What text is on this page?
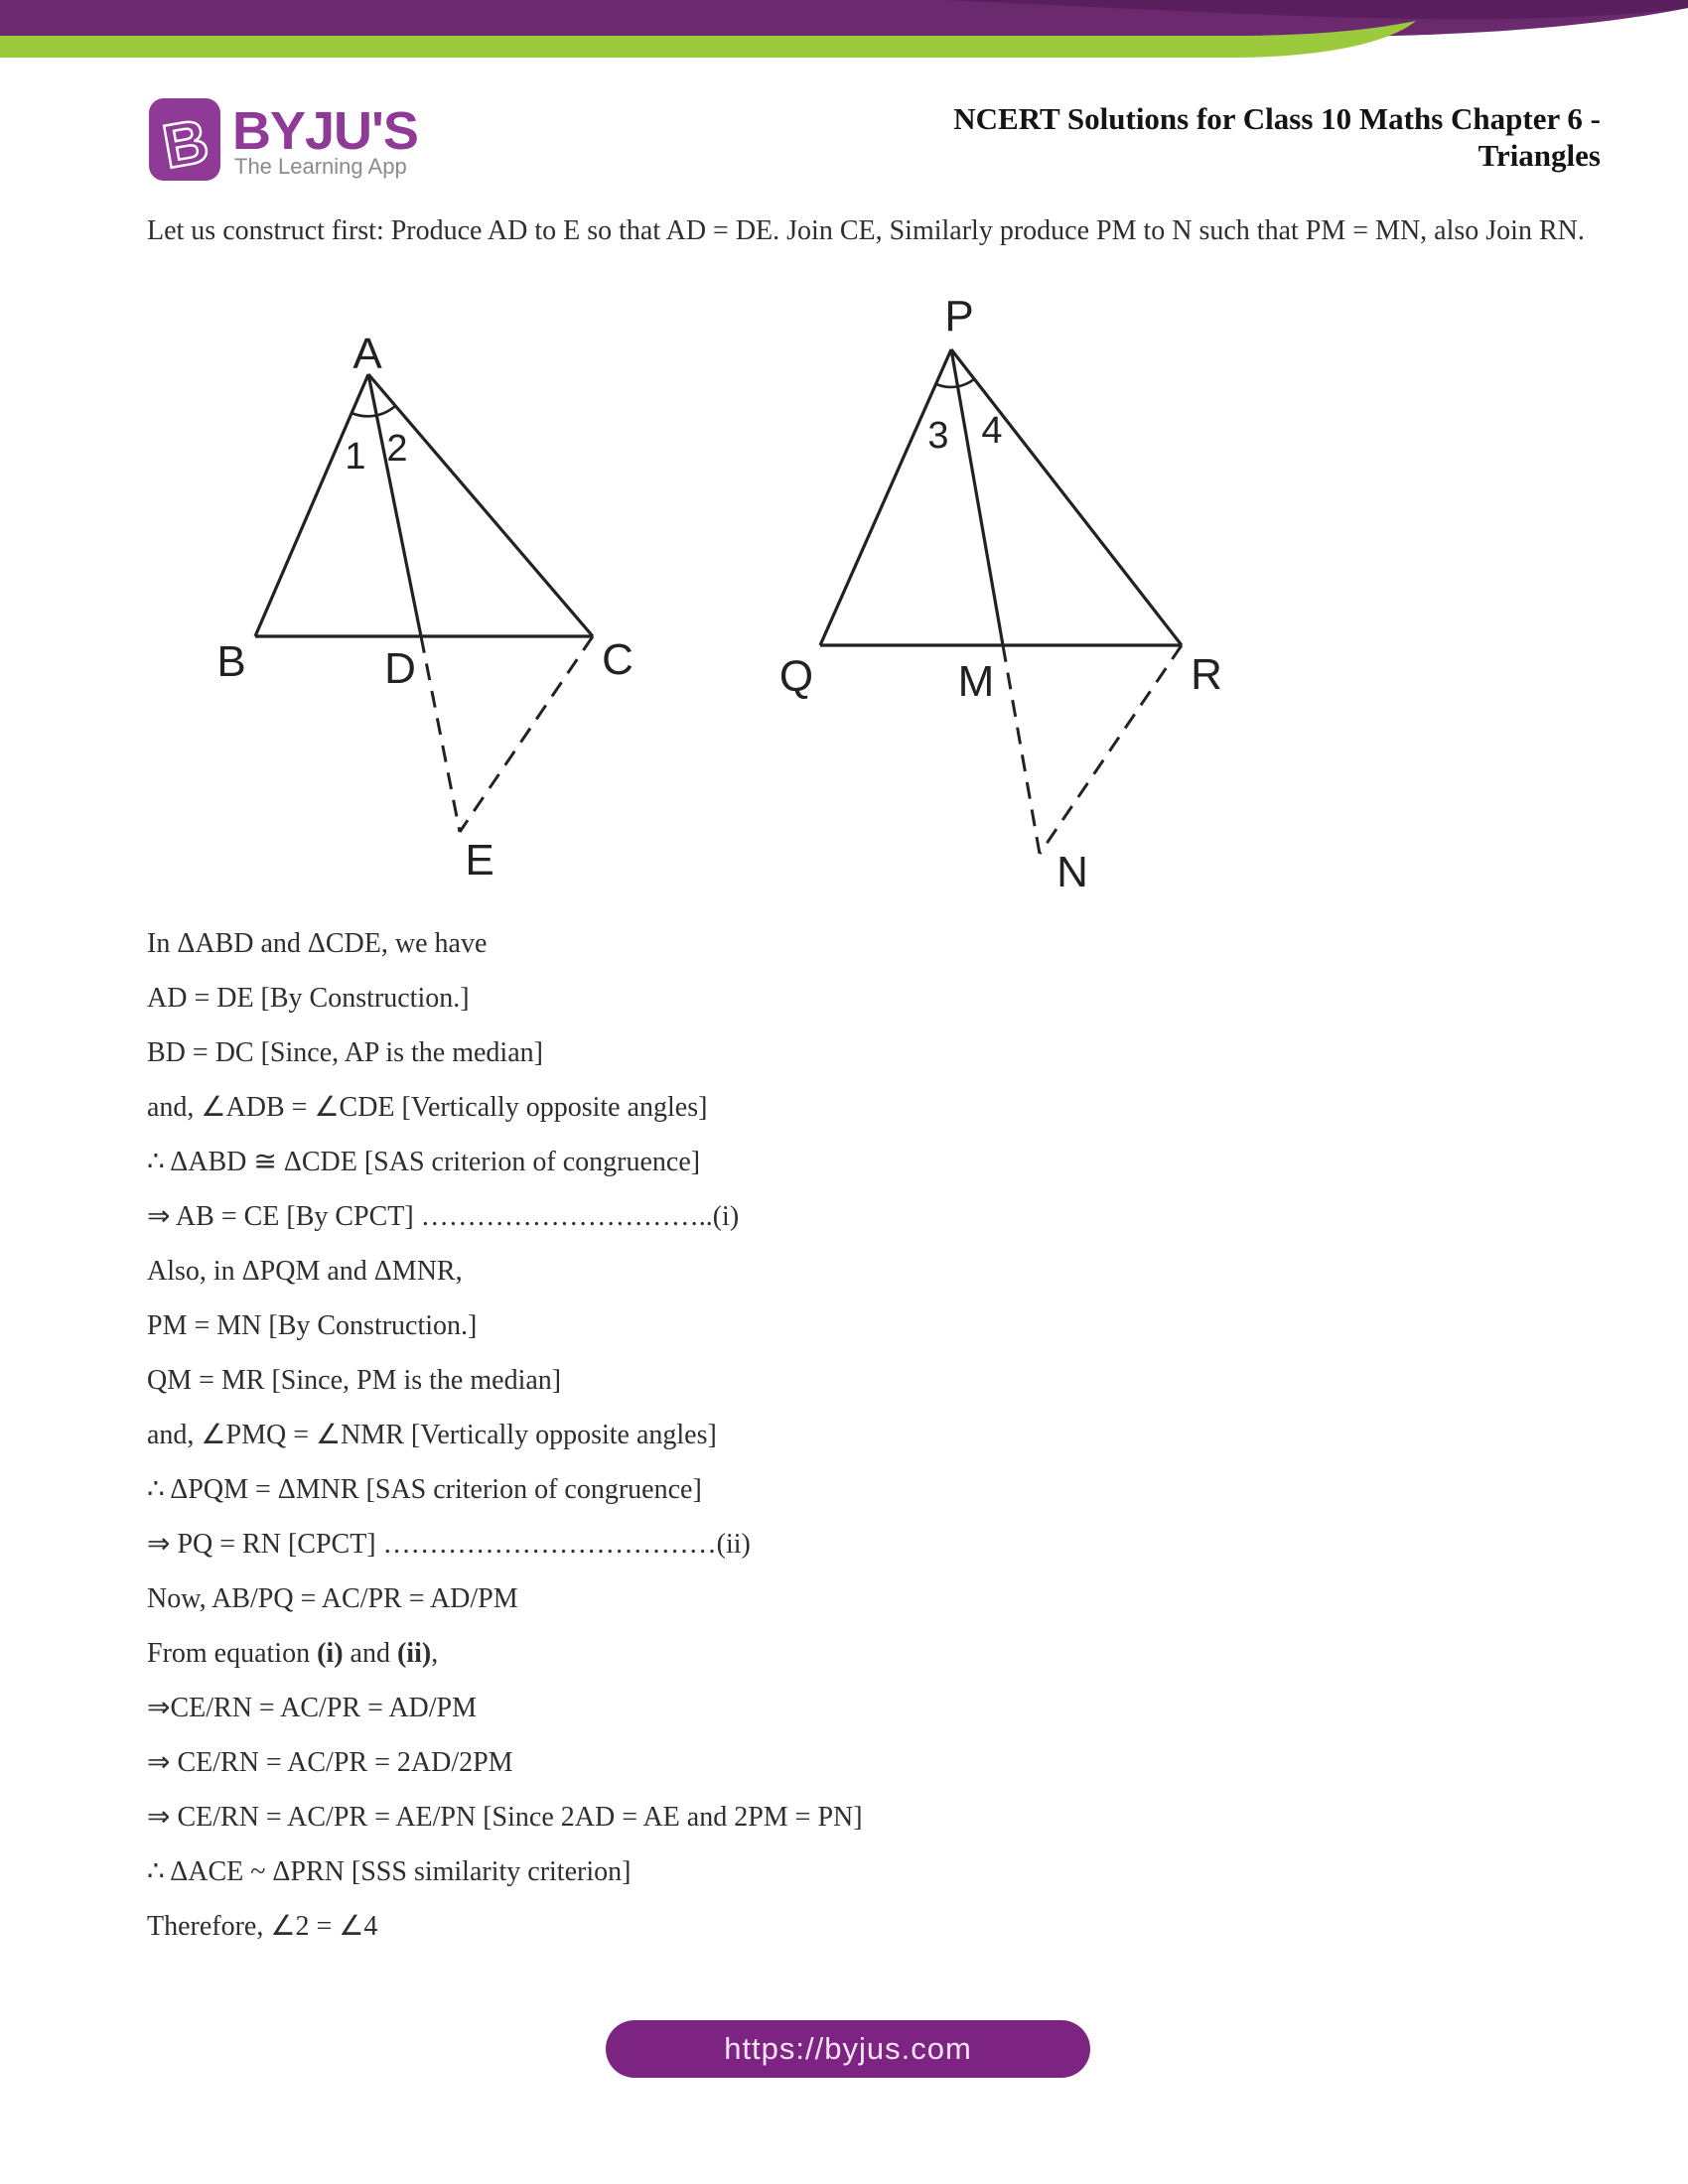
B BYJU'S
The Learning App
NCERT Solutions for Class 10 Maths Chapter 6 -
Triangles
Let us construct first: Produce AD to E so that AD = DE. Join CE, Similarly produce PM to N such that PM = MN, also Join RN.
A
B	C
D
E
1 2
P
Q	M	R
N
3 4

In ΔABD and ΔCDE, we have

AD = DE [By Construction.]

BD = DC [Since, AP is the median]

and, ∠ADB = ∠CDE [Vertically opposite angles]

∴ ΔABD ≅ ΔCDE [SAS criterion of congruence]

⇒ AB = CE [By CPCT] …………………………..(i)

Also, in ΔPQM and ΔMNR,

PM = MN [By Construction.]

QM = MR [Since, PM is the median]

and, ∠PMQ = ∠NMR [Vertically opposite angles]

∴ ΔPQM = ΔMNR [SAS criterion of congruence]

⇒ PQ = RN [CPCT] ………………………………(ii)

Now, AB/PQ = AC/PR = AD/PM

From equation (i) and (ii),

⇒CE/RN = AC/PR = AD/PM

⇒ CE/RN = AC/PR = 2AD/2PM

⇒ CE/RN = AC/PR = AE/PN [Since 2AD = AE and 2PM = PN]

∴ ΔACE ~ ΔPRN [SSS similarity criterion]

Therefore, ∠2 = ∠4

https://byjus.com
